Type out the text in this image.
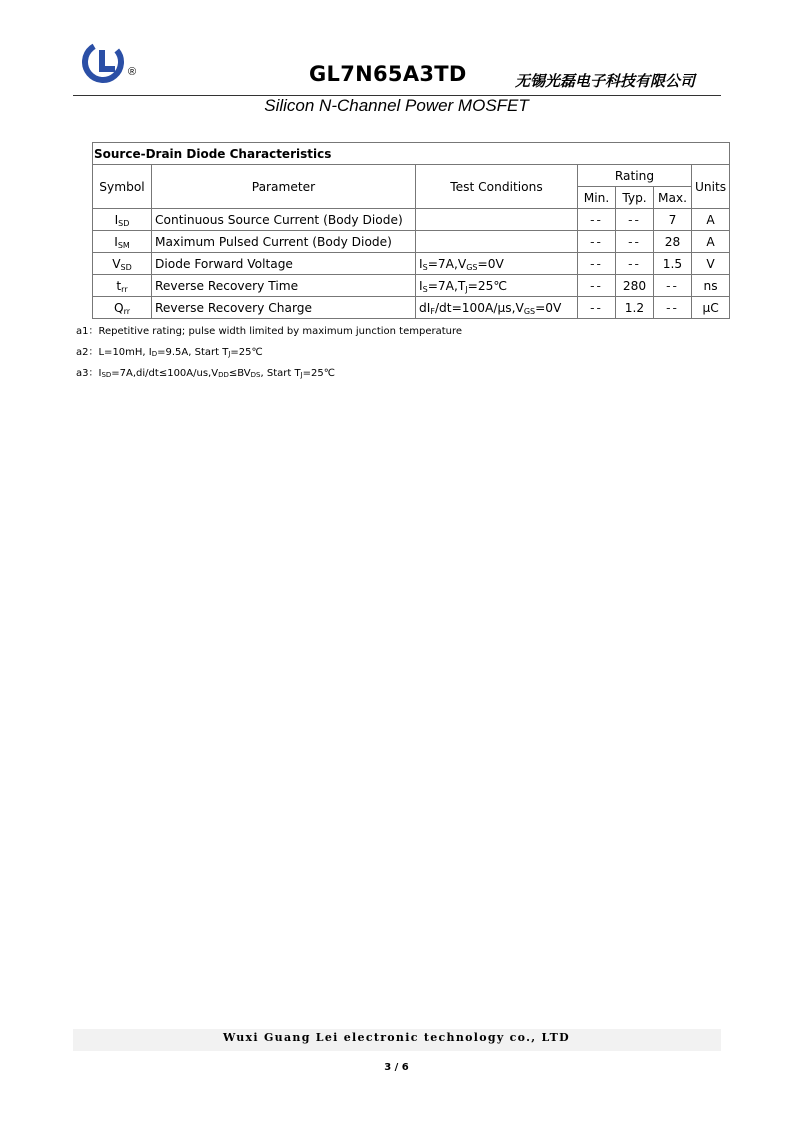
®	GL7N65A3TD	无锡光磊电子科技有限公司
Silicon N-Channel Power MOSFET
Source-Drain Diode Characteristics						
Symbol	Parameter	Test Conditions	Rating			Units
			Min.	Typ.	Max.	
$I_{SD}$	Continuous Source Current (Body Diode)		--	--	7	A
$I_{SM}$	Maximum Pulsed Current (Body Diode)		--	--	28	A
$V_{SD}$	Diode Forward Voltage	$I_S=7A,V_{GS}=0V$	--	--	1.5	V
$t_{rr}$	Reverse Recovery Time	$I_S=7A,T_J=25℃$	--	280	--	ns
$Q_{rr}$	Reverse Recovery Charge	$dI_F/dt=100A/\mu s,V_{GS}=0V$	--	1.2	--	μC
a1：Repetitive rating; pulse width limited by maximum junction temperature
a2：L=10mH, $I_D=9.5A$, Start $T_J=25℃$
a3：$I_{SD}=7A,di/dt\le 100A/us,V_{DD}\le BV_{DS}$, Start $T_J=25℃$
Wuxi Guang Lei electronic technology co., LTD
3 / 6
